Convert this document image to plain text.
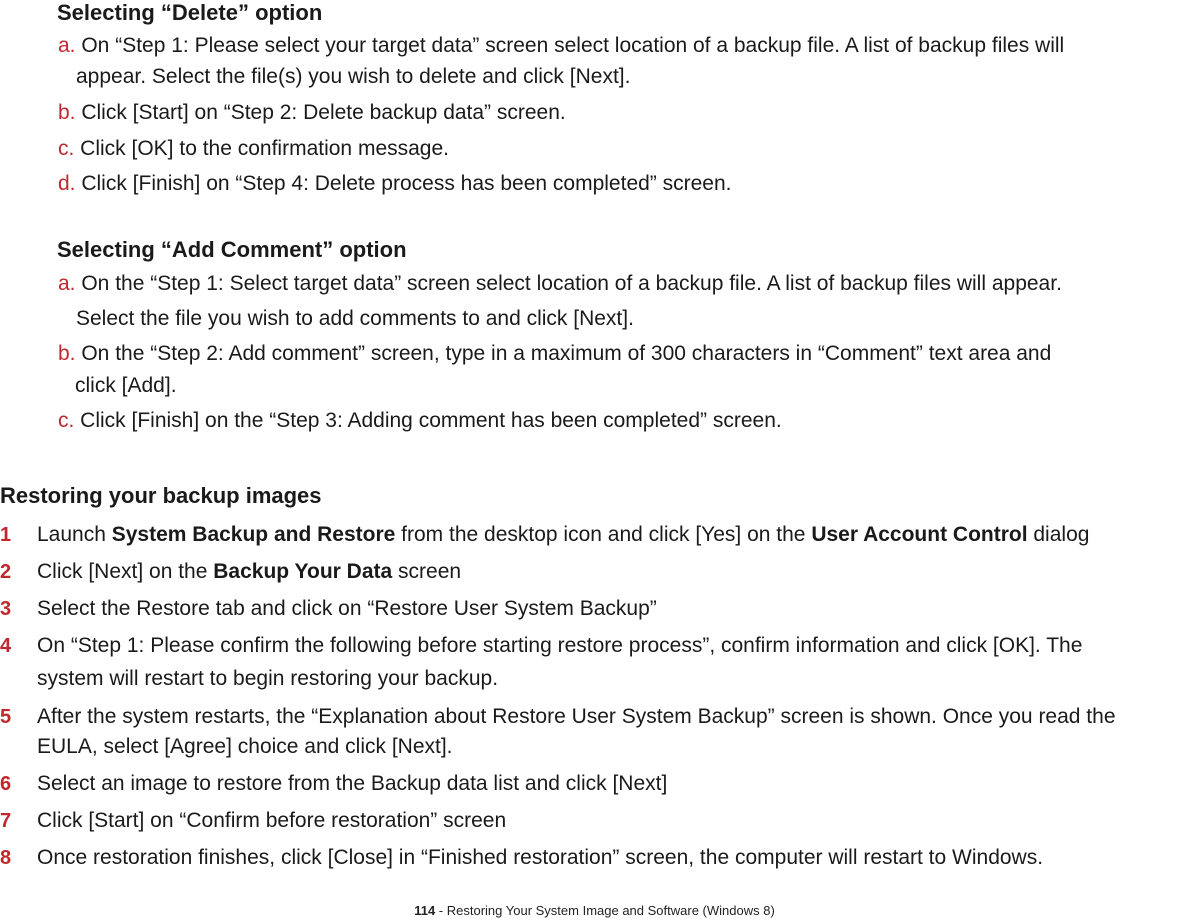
Selecting “Delete” option
a. On “Step 1: Please select your target data” screen select location of a backup file. A list of backup files will
appear. Select the file(s) you wish to delete and click [Next].
b. Click [Start] on “Step 2: Delete backup data” screen.
c. Click [OK] to the confirmation message.
d. Click [Finish] on “Step 4: Delete process has been completed” screen.
Selecting “Add Comment” option
a. On the “Step 1: Select target data” screen select location of a backup file. A list of backup files will appear.
Select the file you wish to add comments to and click [Next].
b. On the “Step 2: Add comment” screen, type in a maximum of 300 characters in “Comment” text area and
click [Add].
c. Click [Finish] on the “Step 3: Adding comment has been completed” screen.
Restoring your backup images
1	Launch System Backup and Restore from the desktop icon and click [Yes] on the User Account Control dialog
2	Click [Next] on the Backup Your Data screen
3	Select the Restore tab and click on “Restore User System Backup”
4	On “Step 1: Please confirm the following before starting restore process”, confirm information and click [OK]. The
system will restart to begin restoring your backup.
5	After the system restarts, the “Explanation about Restore User System Backup” screen is shown. Once you read the
EULA, select [Agree] choice and click [Next].
6	Select an image to restore from the Backup data list and click [Next]
7	Click [Start] on “Confirm before restoration” screen
8	Once restoration finishes, click [Close] in “Finished restoration” screen, the computer will restart to Windows.
114 - Restoring Your System Image and Software (Windows 8)
